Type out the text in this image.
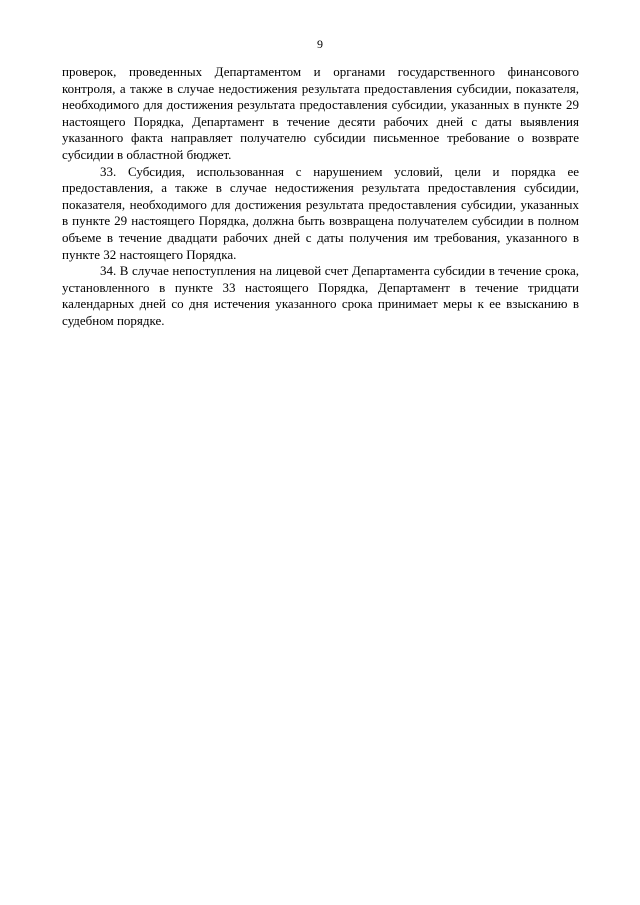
9

проверок, проведенных Департаментом и органами государственного финансового контроля, а также в случае недостижения результата предоставления субсидии, показателя, необходимого для достижения результата предоставления субсидии, указанных в пункте 29 настоящего Порядка, Департамент в течение десяти рабочих дней с даты выявления указанного факта направляет получателю субсидии письменное требование о возврате субсидии в областной бюджет.

33. Субсидия, использованная с нарушением условий, цели и порядка ее предоставления, а также в случае недостижения результата предоставления субсидии, показателя, необходимого для достижения результата предоставления субсидии, указанных в пункте 29 настоящего Порядка, должна быть возвращена получателем субсидии в полном объеме в течение двадцати рабочих дней с даты получения им требования, указанного в пункте 32 настоящего Порядка.

34. В случае непоступления на лицевой счет Департамента субсидии в течение срока, установленного в пункте 33 настоящего Порядка, Департамент в течение тридцати календарных дней со дня истечения указанного срока принимает меры к ее взысканию в судебном порядке.
